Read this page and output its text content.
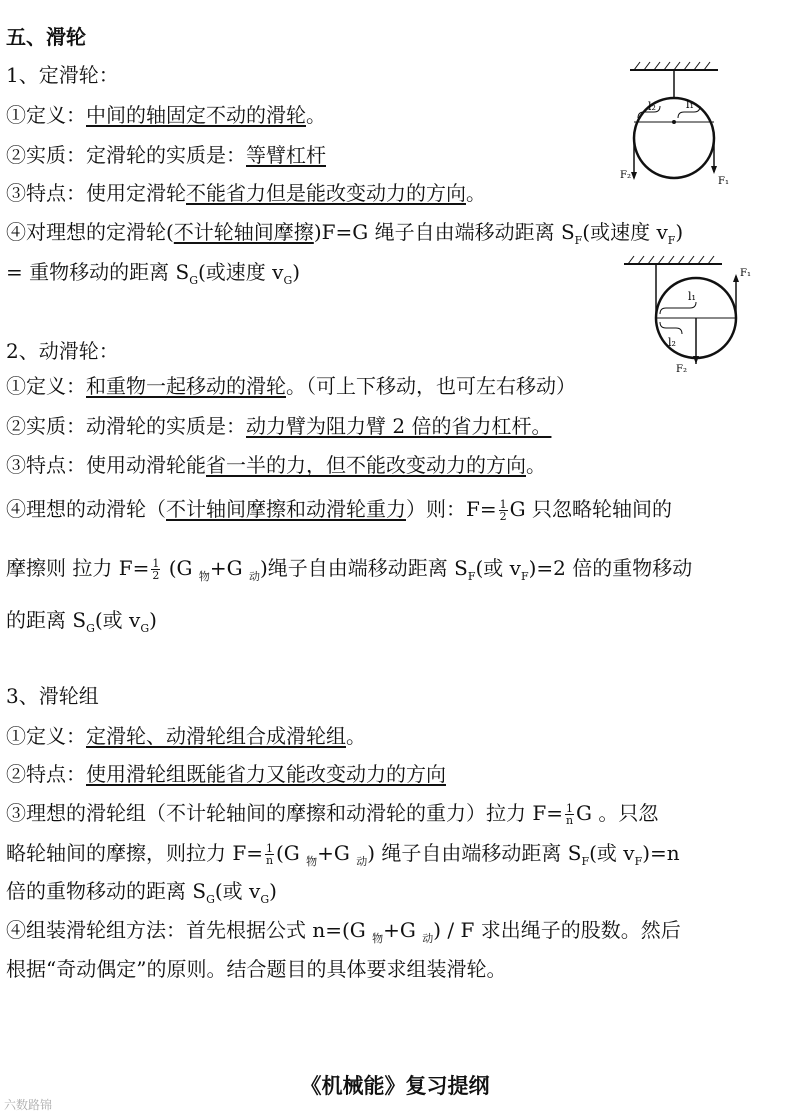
五、滑轮
1、定滑轮：
①定义：中间的轴固定不动的滑轮。
②实质：定滑轮的实质是：等臂杠杆
③特点：使用定滑轮不能省力但是能改变动力的方向。
④对理想的定滑轮(不计轮轴间摩擦)F=G 绳子自由端移动距离 $S_F$(或速度 $v_F$)
= 重物移动的距离 $S_G$(或速度 $v_G$)
l₂	l₁
F₂
F₁
2、动滑轮：
①定义：和重物一起移动的滑轮。（可上下移动，也可左右移动）
②实质：动滑轮的实质是：动力臂为阻力臂 2 倍的省力杠杆。
③特点：使用动滑轮能省一半的力，但不能改变动力的方向。
④理想的动滑轮（不计轴间摩擦和动滑轮重力）则：$F= \frac{1}{2}$ G 只忽略轮轴间的
摩擦则 拉力 $F= \frac{1}{2} (G$ $_物$+G $_动$)绳子自由端移动距离 $S_F$(或 $v_F)=2$ 倍的重物移动
的距离 $S_G$(或 $v_G$)
l₁
l₂
F₁
F₂
3、滑轮组
①定义：定滑轮、动滑轮组合成滑轮组。
②特点：使用滑轮组既能省力又能改变动力的方向
③理想的滑轮组（不计轮轴间的摩擦和动滑轮的重力）拉力 $F= \frac{1}{n}$ G 。只忽
略轮轴间的摩擦，则拉力 $F= \frac{1}{n} (G$ $_物$+G $_动$) 绳子自由端移动距离 $S_F$(或 $v_F)=n$
倍的重物移动的距离 $S_G$(或 $v_G$)
④组装滑轮组方法：首先根据公式 n=(G $_物$+G $_动$) / F 求出绳子的股数。然后
根据“奇动偶定”的原则。结合题目的具体要求组装滑轮。
《机械能》复习提纲
六数路锦
